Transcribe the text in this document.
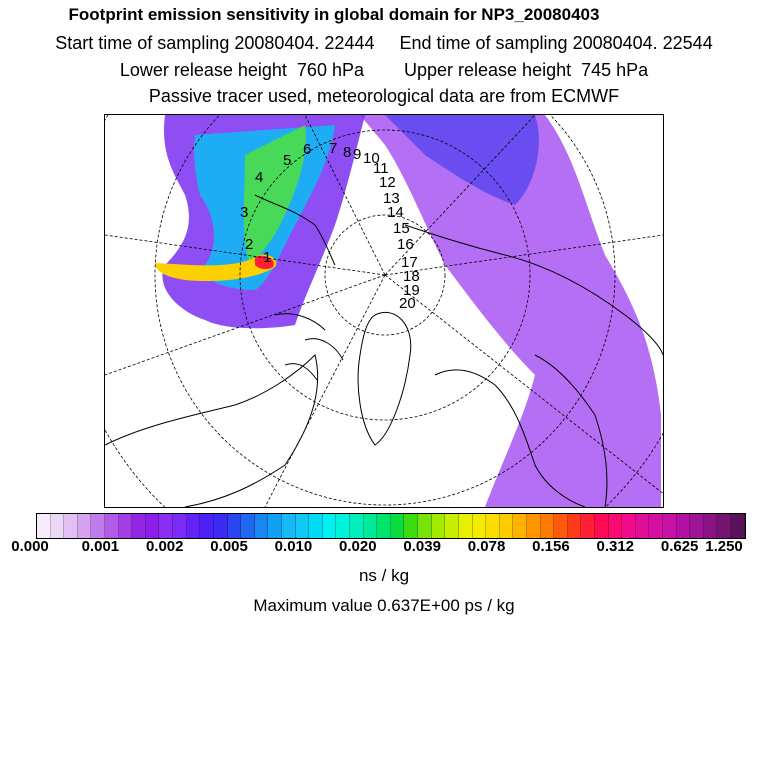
Footprint emission sensitivity in global domain for NP3_20080403
Start time of sampling 20080404. 22444     End time of sampling 20080404. 22544
Lower release height  760 hPa        Upper release height  745 hPa
Passive tracer used, meteorological data are from ECMWF
1
2
3
4
5
6 7 8 9 10
11
12
13
14
15
16
17
18
19
20
0.000 0.001 0.002 0.005 0.010 0.020 0.039 0.078 0.156 0.312 0.625 1.250
ns / kg
Maximum value 0.637E+00 ps / kg
